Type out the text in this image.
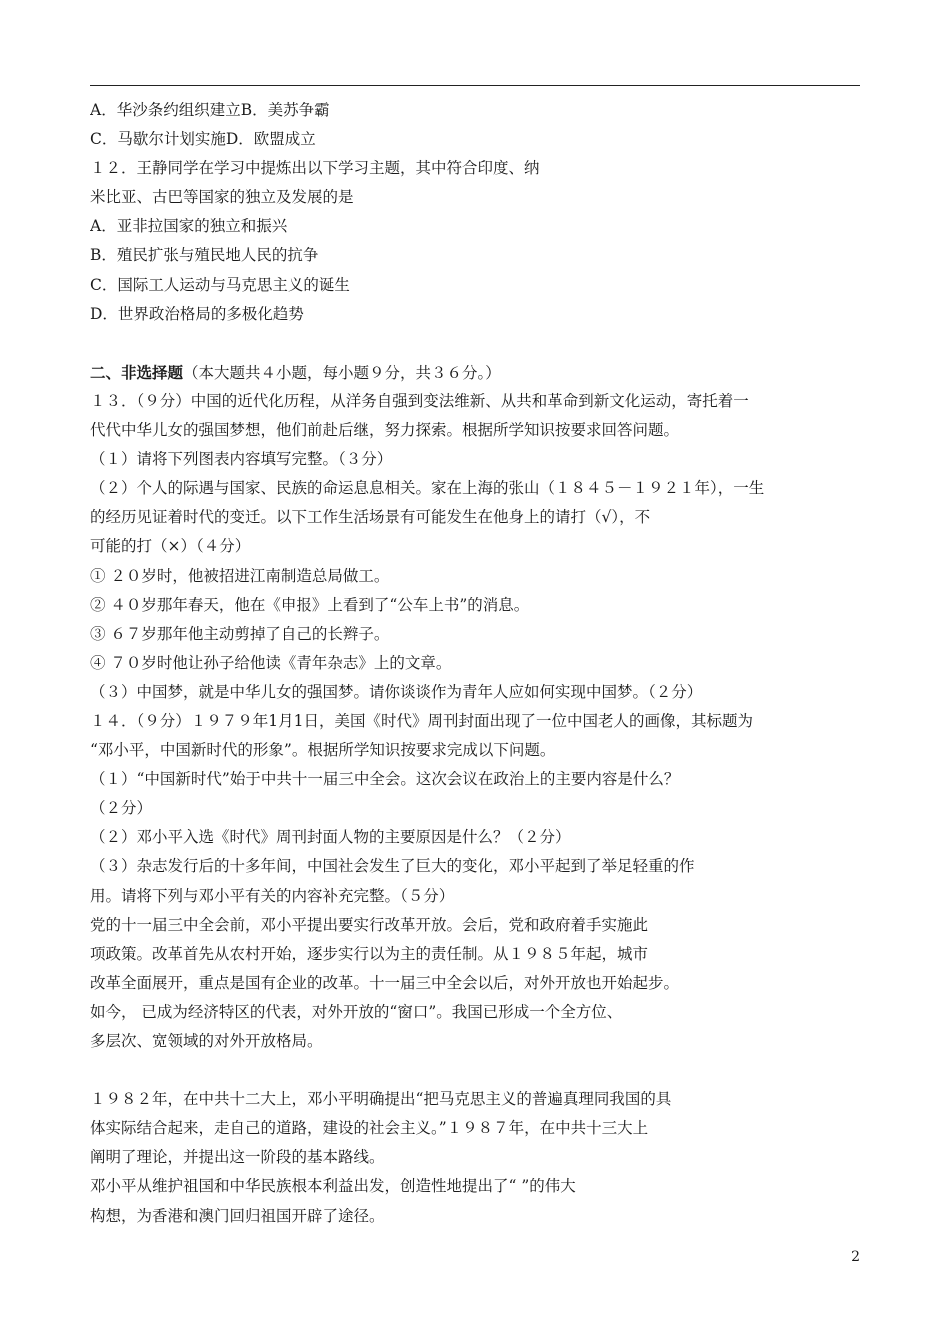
A．华沙条约组织建立B．美苏争霸
C．马歇尔计划实施D．欧盟成立
１２．王静同学在学习中提炼出以下学习主题，其中符合印度、纳
米比亚、古巴等国家的独立及发展的是
A．亚非拉国家的独立和振兴
B．殖民扩张与殖民地人民的抗争
C．国际工人运动与马克思主义的诞生
D．世界政治格局的多极化趋势
二、非选择题（本大题共４小题，每小题９分，共３６分。）
１３．（９分）中国的近代化历程，从洋务自强到变法维新、从共和革命到新文化运动，寄托着一
代代中华儿女的强国梦想，他们前赴后继，努力探索。根据所学知识按要求回答问题。
（１）请将下列图表内容填写完整。（３分）
（２）个人的际遇与国家、民族的命运息息相关。家在上海的张山（１８４５－１９２１年），一生
的经历见证着时代的变迁。以下工作生活场景有可能发生在他身上的请打（√），不
可能的打（×）（４分）
① ２０岁时，他被招进江南制造总局做工。
② ４０岁那年春天，他在《申报》上看到了“公车上书”的消息。
③ ６７岁那年他主动剪掉了自己的长辫子。
④ ７０岁时他让孙子给他读《青年杂志》上的文章。
（３）中国梦，就是中华儿女的强国梦。请你谈谈作为青年人应如何实现中国梦。（２分）
１４．（９分）１９７９年1月1日，美国《时代》周刊封面出现了一位中国老人的画像，其标题为
“邓小平，中国新时代的形象”。根据所学知识按要求完成以下问题。
（１）“中国新时代”始于中共十一届三中全会。这次会议在政治上的主要内容是什么？
（２分）
（２）邓小平入选《时代》周刊封面人物的主要原因是什么？（２分）
（３）杂志发行后的十多年间，中国社会发生了巨大的变化，邓小平起到了举足轻重的作
用。请将下列与邓小平有关的内容补充完整。（５分）
党的十一届三中全会前，邓小平提出要实行改革开放。会后，党和政府着手实施此
项政策。改革首先从农村开始，逐步实行以为主的责任制。从１９８５年起，城市
改革全面展开，重点是国有企业的改革。十一届三中全会以后，对外开放也开始起步。
如今， 已成为经济特区的代表，对外开放的“窗口”。我国已形成一个全方位、
多层次、宽领域的对外开放格局。
１９８２年，在中共十二大上，邓小平明确提出“把马克思主义的普遍真理同我国的具
体实际结合起来，走自己的道路，建设的社会主义。”１９８７年，在中共十三大上
阐明了理论，并提出这一阶段的基本路线。
邓小平从维护祖国和中华民族根本利益出发，创造性地提出了“ ”的伟大
构想，为香港和澳门回归祖国开辟了途径。
2
